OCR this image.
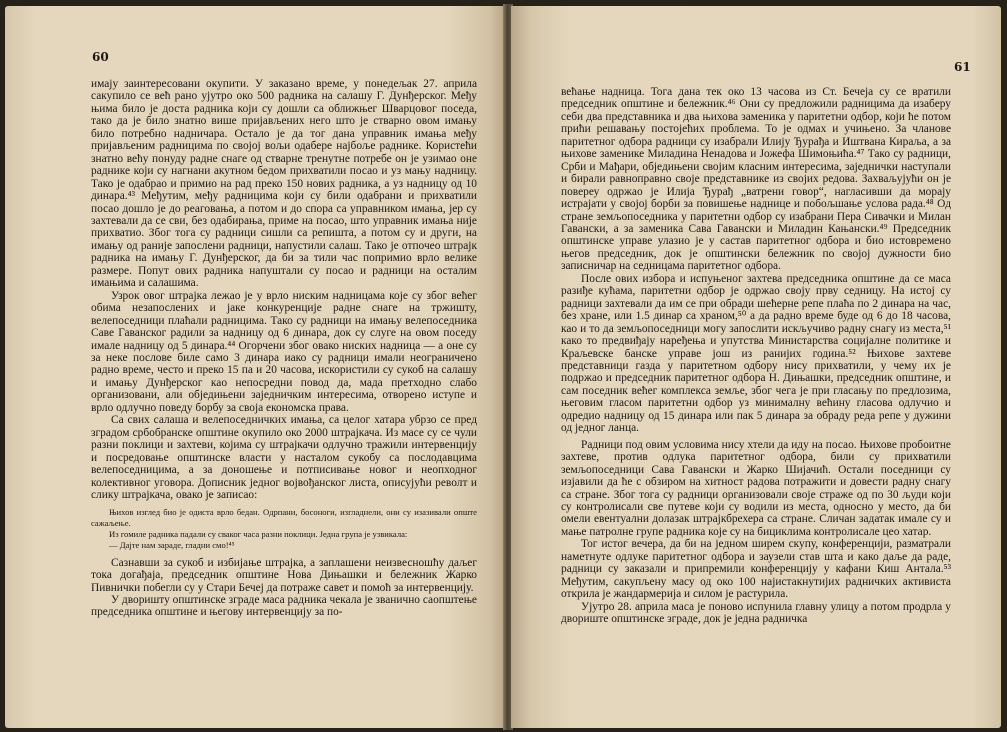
60

имају заинтересовани окупити. У заказано време, у понедељак 27. априла сакупило се већ рано ујутро око 500 радника на салашу Г. Дунђерског. Међу њима било је доста радника који су дошли са оближњег Шварцовог поседа, тако да је било знатно више пријављених него што је стварно овом имању било потребно надничара. Остало је да тог дана управник имања међу пријављеним радницима по својој вољи одабере најбоље раднике. Користећи знатно већу понуду радне снаге од стварне тренутне потребе он је узимао оне раднике који су нагнани акутном бедом прихватили посао и уз мању надницу. Тако је одабрао и примио на рад преко 150 нових радника, а уз надницу од 10 динара.⁴³ Међутим, међу радницима који су били одабрани и прихватили посао дошло је до реаговања, а потом и до спора са управником имања, јер су захтевали да се сви, без одабирања, приме на посао, што управник имања није прихватио. Због тога су радници сишли са репишта, а потом су и други, на имању од раније запослени радници, напустили салаш. Тако је отпочео штрајк радника на имању Г. Дунђерског, да би за тили час попримио врло велике размере. Попут ових радника напуштали су посао и радници на осталим имањима и салашима.

Узрок овог штрајка лежао је у врло ниским надницама које су због већег обима незапослених и јаке конкуренције радне снаге на тржишту, велепоседници плаћали радницима. Тако су радници на имању велепоседника Саве Гаванског радили за надницу од 6 динара, док су слуге на овом поседу имале надницу од 5 динара.⁴⁴ Огорчени због овако ниских надница — а оне су за неке послове биле само 3 динара иако су радници имали неограничено радно време, често и преко 15 па и 20 часова, искористили су сукоб на салашу и имању Дунђерског као непосредни повод да, мада претходно слабо организовани, али обједињени заједничким интересима, отворено иступе и врло одлучно поведу борбу за своја економска права.

Са свих салаша и велепоседничких имања, са целог хатара убрзо се пред зградом србобранске општине окупило око 2000 штрајкача. Из масе су се чули разни поклици и захтеви, којима су штрајкачи одлучно тражили интервенцију и посредовање општинске власти у насталом сукобу са послодавцима велепоседницима, а за доношење и потписивање новог и неопходног колективног уговора. Дописник једног војвођанског листа, описујући револт и слику штрајкача, овако је записао:

Њихов изглед био је одиста врло бедан. Одрпани, босоноги, изгладнели, они су изазивали општe сажаљење.

Из гомиле радника падали су сваког часа разни поклици. Једна група је узвикала:

— Дајте нам зараде, гладни смо!⁴⁵

Сазнавши за сукоб и избијање штрајка, а заплашени неизвесношћу даљег тока догађаја, председник општине Нова Дињашки и бележник Жарко Пивнички побегли су у Стари Бечеј да потраже савет и помоћ за интервенцију.

У дворишту општинске зграде маса радника чекала је званично саопштење председника општине и његову интервенцију за по-

61

већање надница. Тога дана тек око 13 часова из Ст. Бечеја су се вратили председник општине и бележник.⁴⁶ Они су предложили радницима да изаберу себи два представника и два њихова заменика у паритетни одбор, који ће потом прићи решавању постојећих проблема. То је одмах и учињено. За чланове паритетног одбора радници су изабрали Илију Ђурађа и Иштвана Кираља, а за њихове заменике Миладина Ненадова и Јожефа Шимоњића.⁴⁷ Тако су радници, Срби и Мађари, обједињени својим класним интересима, заједнички наступали и бирали равноправно своје представнике из својих редова. Захваљујући он је повереу одржао је Илија Ђурађ „ватрени говор“, нагласивши да морају истрајати у својој борби за повишење наднице и побољшање услова рада.⁴⁸ Од стране земљопоседника у паритетни одбор су изабрани Пера Сивачки и Милан Гавански, а за заменика Сава Гавански и Миладин Кањански.⁴⁹ Председник општинске управе улазио је у састав паритетног одбора и био истовремено његов председник, док је општински бележник по својој дужности био записничар на седницама паритетног одбора.

После ових избора и испуњеног захтева председника општине да се маса разиђе кућама, паритетни одбор је одржао своју прву седницу. На истој су радници захтевали да им се при обради шећерне репе плаћа по 2 динара на час, без хране, или 1.5 динар са храном,⁵⁰ а да радно време буде од 6 до 18 часова, као и то да земљопоседници могу запослити искључиво радну снагу из места,⁵¹ како то предвиђају наређења и упутства Министарства социјалне политике и Краљевске банске управе још из ранијих година.⁵² Њихове захтеве представници газда у паритетном одбору нису прихватили, у чему их је подржао и председник паритетног одбора Н. Дињашки, председник општине, и сам поседник већег комплекса земље, због чега је при гласању по предлозима, његовим гласом паритетни одбор уз минималну већину гласова одлучио и одредио надницу од 15 динара или пак 5 динара за обраду реда репе у дужини од једног ланца.

Радници под овим условима нису хтели да иду на посао. Њихове пробоитне захтеве, против одлука паритетног одбора, били су прихватили земљопоседници Сава Гавански и Жарко Шијачић. Остали поседници су изјавили да ће с обзиром на хитност радова потражити и довести радну снагу са стране. Због тога су радници организовали своје страже од по 30 људи који су контролисали све путеве који су водили из места, односно у место, да би омели евентуални долазак штрајкбрехера са стране. Сличан задатак имале су и мање патролне групе радника које су на бициклима контролисале цео хатар.

Тог истог вечера, да би на једном ширем скупу, конференцији, разматрали наметнуте одлуке паритетног одбора и заузели став шта и како даље да раде, радници су заказали и припремили конференцију у кафани Киш Антала.⁵³ Међутим, сакупљену масу од око 100 најистакнутијих радничких активиста открила је жандармерија и силом је растурила.

Ујутро 28. априла маса је поново испунила главну улицу а потом продрла у двориште општинске зграде, док је једна радничка
